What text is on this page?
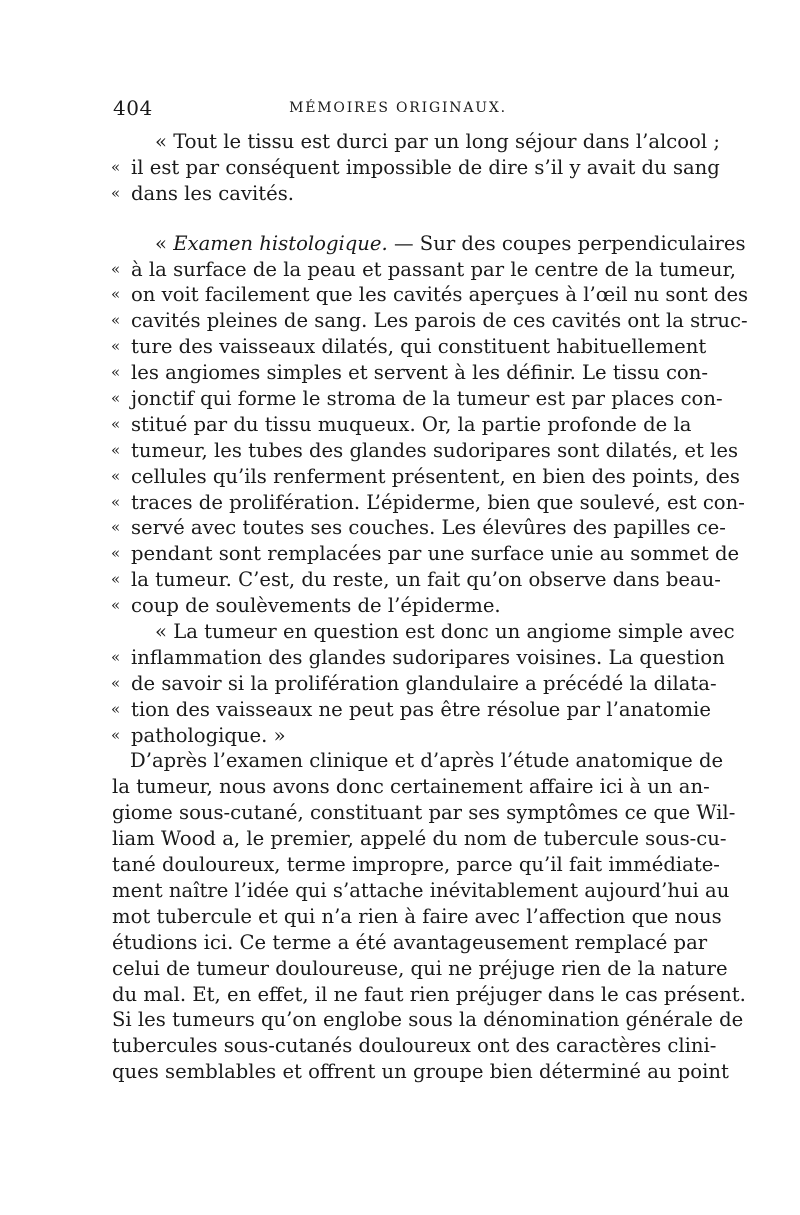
404	MÉMOIRES ORIGINAUX.
« Tout le tissu est durci par un long séjour dans l’alcool ;
« il est par conséquent impossible de dire s’il y avait du sang
« dans les cavités.
« Examen histologique. — Sur des coupes perpendiculaires
« à la surface de la peau et passant par le centre de la tumeur,
« on voit facilement que les cavités aperçues à l’œil nu sont des
« cavités pleines de sang. Les parois de ces cavités ont la struc-
« ture des vaisseaux dilatés, qui constituent habituellement
« les angiomes simples et servent à les définir. Le tissu con-
« jonctif qui forme le stroma de la tumeur est par places con-
« stitué par du tissu muqueux. Or, la partie profonde de la
« tumeur, les tubes des glandes sudoripares sont dilatés, et les
« cellules qu’ils renferment présentent, en bien des points, des
« traces de prolifération. L’épiderme, bien que soulevé, est con-
« servé avec toutes ses couches. Les élevûres des papilles ce-
« pendant sont remplacées par une surface unie au sommet de
« la tumeur. C’est, du reste, un fait qu’on observe dans beau-
« coup de soulèvements de l’épiderme.
« La tumeur en question est donc un angiome simple avec
« inflammation des glandes sudoripares voisines. La question
« de savoir si la prolifération glandulaire a précédé la dilata-
« tion des vaisseaux ne peut pas être résolue par l’anatomie
« pathologique. »
D’après l’examen clinique et d’après l’étude anatomique de
la tumeur, nous avons donc certainement affaire ici à un an-
giome sous-cutané, constituant par ses symptômes ce que Wil-
liam Wood a, le premier, appelé du nom de tubercule sous-cu-
tané douloureux, terme impropre, parce qu’il fait immédiate-
ment naître l’idée qui s’attache inévitablement aujourd’hui au
mot tubercule et qui n’a rien à faire avec l’affection que nous
étudions ici. Ce terme a été avantageusement remplacé par
celui de tumeur douloureuse, qui ne préjuge rien de la nature
du mal. Et, en effet, il ne faut rien préjuger dans le cas présent.
Si les tumeurs qu’on englobe sous la dénomination générale de
tubercules sous-cutanés douloureux ont des caractères clini-
ques semblables et offrent un groupe bien déterminé au point
